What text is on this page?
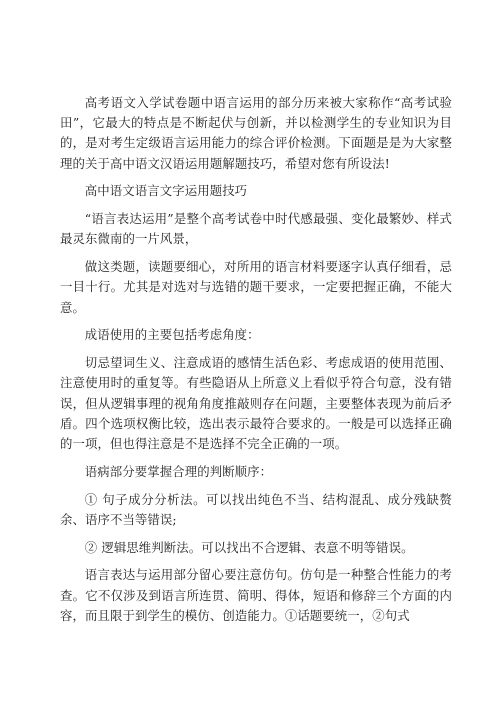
高考语文入学试卷题中语言运用的部分历来被大家称作“高考试验田”，它最大的特点是不断起伏与创新，并以检测学生的专业知识为目的，是对考生定级语言运用能力的综合评价检测。下面题是是为大家整理的关于高中语文汉语运用题解题技巧，希望对您有所设法!

高中语文语言文字运用题技巧

“语言表达运用”是整个高考试卷中时代感最强、变化最繁妙、样式最灵东微南的一片风景，

做这类题，读题要细心，对所用的语言材料要逐字认真仔细看，忌一目十行。尤其是对选对与选错的题干要求，一定要把握正确，不能大意。

成语使用的主要包括考虑角度：

切忌望词生义、注意成语的感情生活色彩、考虑成语的使用范围、注意使用时的重复等。有些隐语从上所意义上看似乎符合句意，没有错误，但从逻辑事理的视角角度推敲则存在问题，主要整体表现为前后矛盾。四个选项权衡比较，选出表示最符合要求的。一般是可以选择正确的一项，但也得注意是不是选择不完全正确的一项。

语病部分要掌握合理的判断顺序：

① 句子成分分析法。可以找出纯色不当、结构混乱、成分残缺赘余、语序不当等错误;

② 逻辑思维判断法。可以找出不合逻辑、表意不明等错误。

语言表达与运用部分留心要注意仿句。仿句是一种整合性能力的考查。它不仅涉及到语言所连贯、简明、得体，短语和修辞三个方面的内容，而且限于到学生的模仿、创造能力。①话题要统一，②句式
